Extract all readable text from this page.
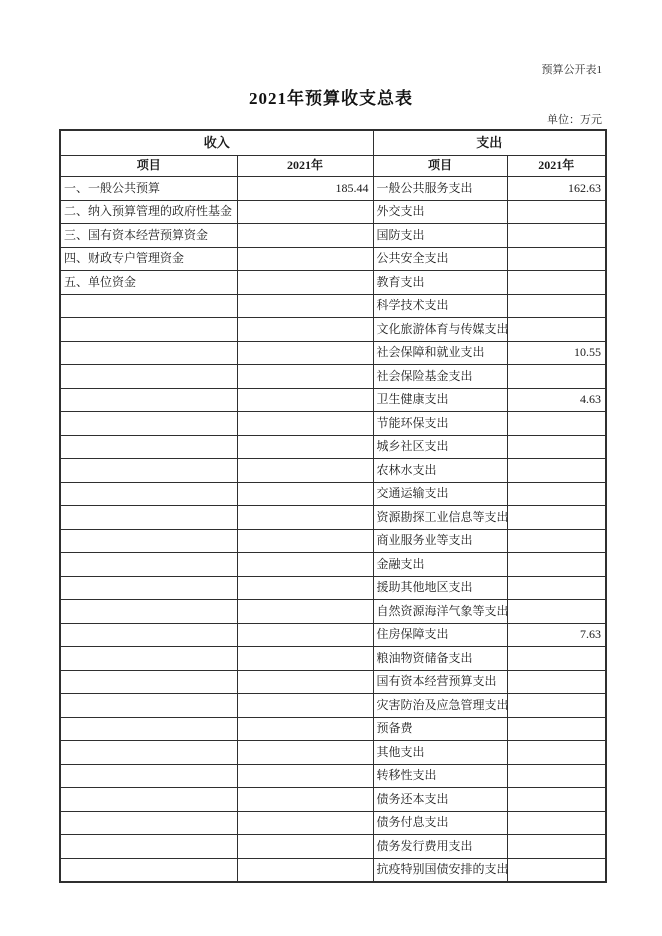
预算公开表1
2021年预算收支总表
单位：万元
收入		支出	
项目	2021年	项目	2021年
一、一般公共预算	185.44	一般公共服务支出	162.63
二、纳入预算管理的政府性基金		外交支出	
三、国有资本经营预算资金		国防支出	
四、财政专户管理资金		公共安全支出	
五、单位资金		教育支出	
		科学技术支出	
		文化旅游体育与传媒支出	
		社会保障和就业支出	10.55
		社会保险基金支出	
		卫生健康支出	4.63
		节能环保支出	
		城乡社区支出	
		农林水支出	
		交通运输支出	
		资源勘探工业信息等支出	
		商业服务业等支出	
		金融支出	
		援助其他地区支出	
		自然资源海洋气象等支出	
		住房保障支出	7.63
		粮油物资储备支出	
		国有资本经营预算支出	
		灾害防治及应急管理支出	
		预备费	
		其他支出	
		转移性支出	
		债务还本支出	
		债务付息支出	
		债务发行费用支出	
		抗疫特别国债安排的支出	
